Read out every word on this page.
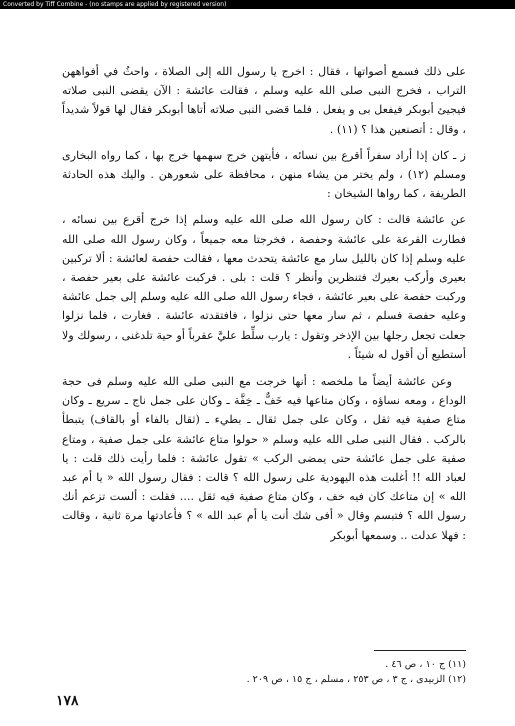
Converted by Tiff Combine - (no stamps are applied by registered version)

على ذلك فسمع أصواتها ، فقال : اخرج يا رسول الله إلى الصلاة ، واحثُ في أفواههن التراب ، فخرج النبى صلى الله عليه وسلم ، فقالت عائشة : الآن يقضى النبى صلاته فيجيئ أبوبكر فيفعل بى و يفعل . فلما قضى النبى صلاته أتاها أبوبكر فقال لها قولاً شديداً ، وقال : أتصنعين هذا ؟ (١١) .

ز ـ كان إذا أراد سفراً أقرع بين نسائه ، فأيتهن خرج سهمها خرج بها ، كما رواه البخارى ومسلم (١٢) ، ولم يختر من يشاء منهن ، محافظة على شعورهن . واليك هذه الحادثة الطريفة ، كما رواها الشيخان :

عن عائشة قالت : كان رسول الله صلى الله عليه وسلم إذا خرج أقرع بين نسائه ، فطارت القرعة على عائشة وحفصة ، فخرجتا معه جميعاً ، وكان رسول الله صلى الله عليه وسلم إذا كان بالليل سار مع عائشة يتحدث معها ، فقالت حفصة لعائشة : ألا تركبين بعيرى وأركب بعيرك فتنظرين وأنظر ؟ قلت : بلى . فركبت عائشة على بعير حفصة ، وركبت حفصة على بعير عائشة ، فجاء رسول الله صلى الله عليه وسلم إلى جمل عائشة وعليه حفصة فسلم ، ثم سار معها حتى نزلوا ، فافتقدته عائشة . فغارت ، فلما نزلوا جعلت تجعل رجلها بين الإذخر وتقول : يارب سلِّط عليَّ عقرباً أو حية تلدغنى ، رسولك ولا أستطيع أن أقول له شيئاً .

وعن عائشة أيضاً ما ملخصه : أنها خرجت مع النبى صلى الله عليه وسلم فى حجة الوداع ، ومعه نساؤه ، وكان متاعها فيه خَفٌّ ـ خِفَّة ـ وكان على جمل ناج ـ سريع ـ وكان متاع صفية فيه ثقل ، وكان على جمل ثقال ـ بطيء ـ (ثقال بالفاء أو بالقاف) يتبطأ بالركب . فقال النبى صلى الله عليه وسلم « حولوا متاع عائشة على جمل صفية ، ومتاع صفية على جمل عائشة حتى يمضى الركب » تقول عائشة : فلما رأيت ذلك قلت : يا لعباد الله !! أغلبت هذه اليهودية على رسول الله ؟ قالت : فقال رسول الله « يا أم عبد الله » إن متاعك كان فيه خف ، وكان متاع صفية فيه ثقل .... فقلت : ألست تزعم أنك رسول الله ؟ فتبسم وقال « أفى شك أنت يا أم عبد الله » ؟ فأعادتها مرة ثانية ، وقالت : فهلا عدلت .. وسمعها أبوبكر

(١١) ج ١٠ ، ص ٤٦ .

(١٢) الزبيدى ، ج ٣ ، ص ٢٥٣ ، مسلم ، ج ١٥ ، ص ٢٠٩ .

١٧٨
